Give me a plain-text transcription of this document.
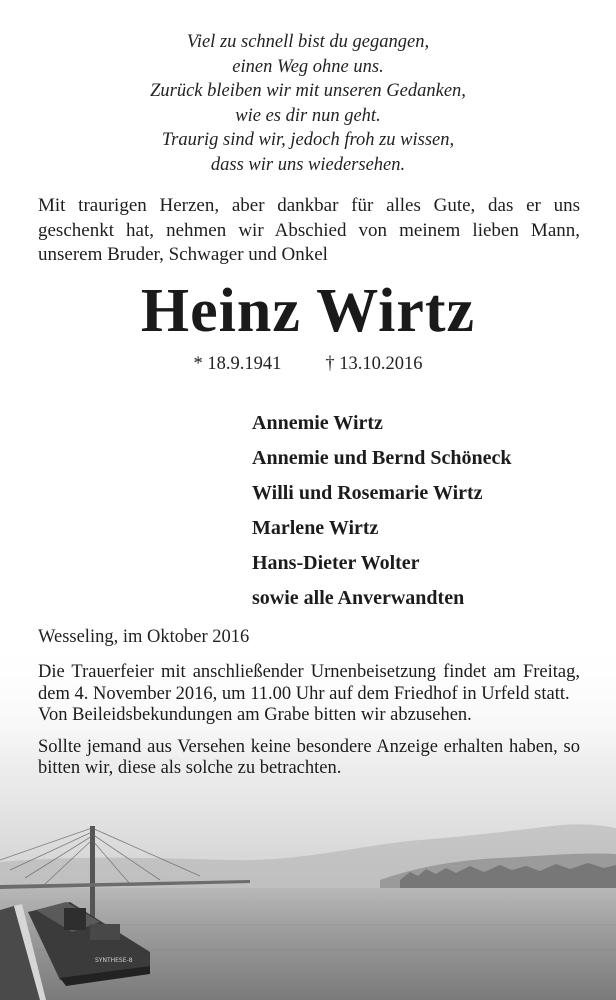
SYNTHESE-8
Viel zu schnell bist du gegangen,
einen Weg ohne uns.
Zurück bleiben wir mit unseren Gedanken,
wie es dir nun geht.
Traurig sind wir, jedoch froh zu wissen,
dass wir uns wiedersehen.
Mit traurigen Herzen, aber dankbar für alles Gute, das er uns geschenkt hat, nehmen wir Abschied von meinem lieben Mann, unserem Bruder, Schwager und Onkel
Heinz Wirtz
* 18.9.1941 † 13.10.2016
Annemie Wirtz
Annemie und Bernd Schöneck
Willi und Rosemarie Wirtz
Marlene Wirtz
Hans-Dieter Wolter
sowie alle Anverwandten
Wesseling, im Oktober 2016

Die Trauerfeier mit anschließender Urnenbeisetzung findet am Freitag, dem 4. November 2016, um 11.00 Uhr auf dem Friedhof in Urfeld statt.

Von Beileidsbekundungen am Grabe bitten wir abzusehen.

Sollte jemand aus Versehen keine besondere Anzeige erhalten haben, so bitten wir, diese als solche zu betrachten.
